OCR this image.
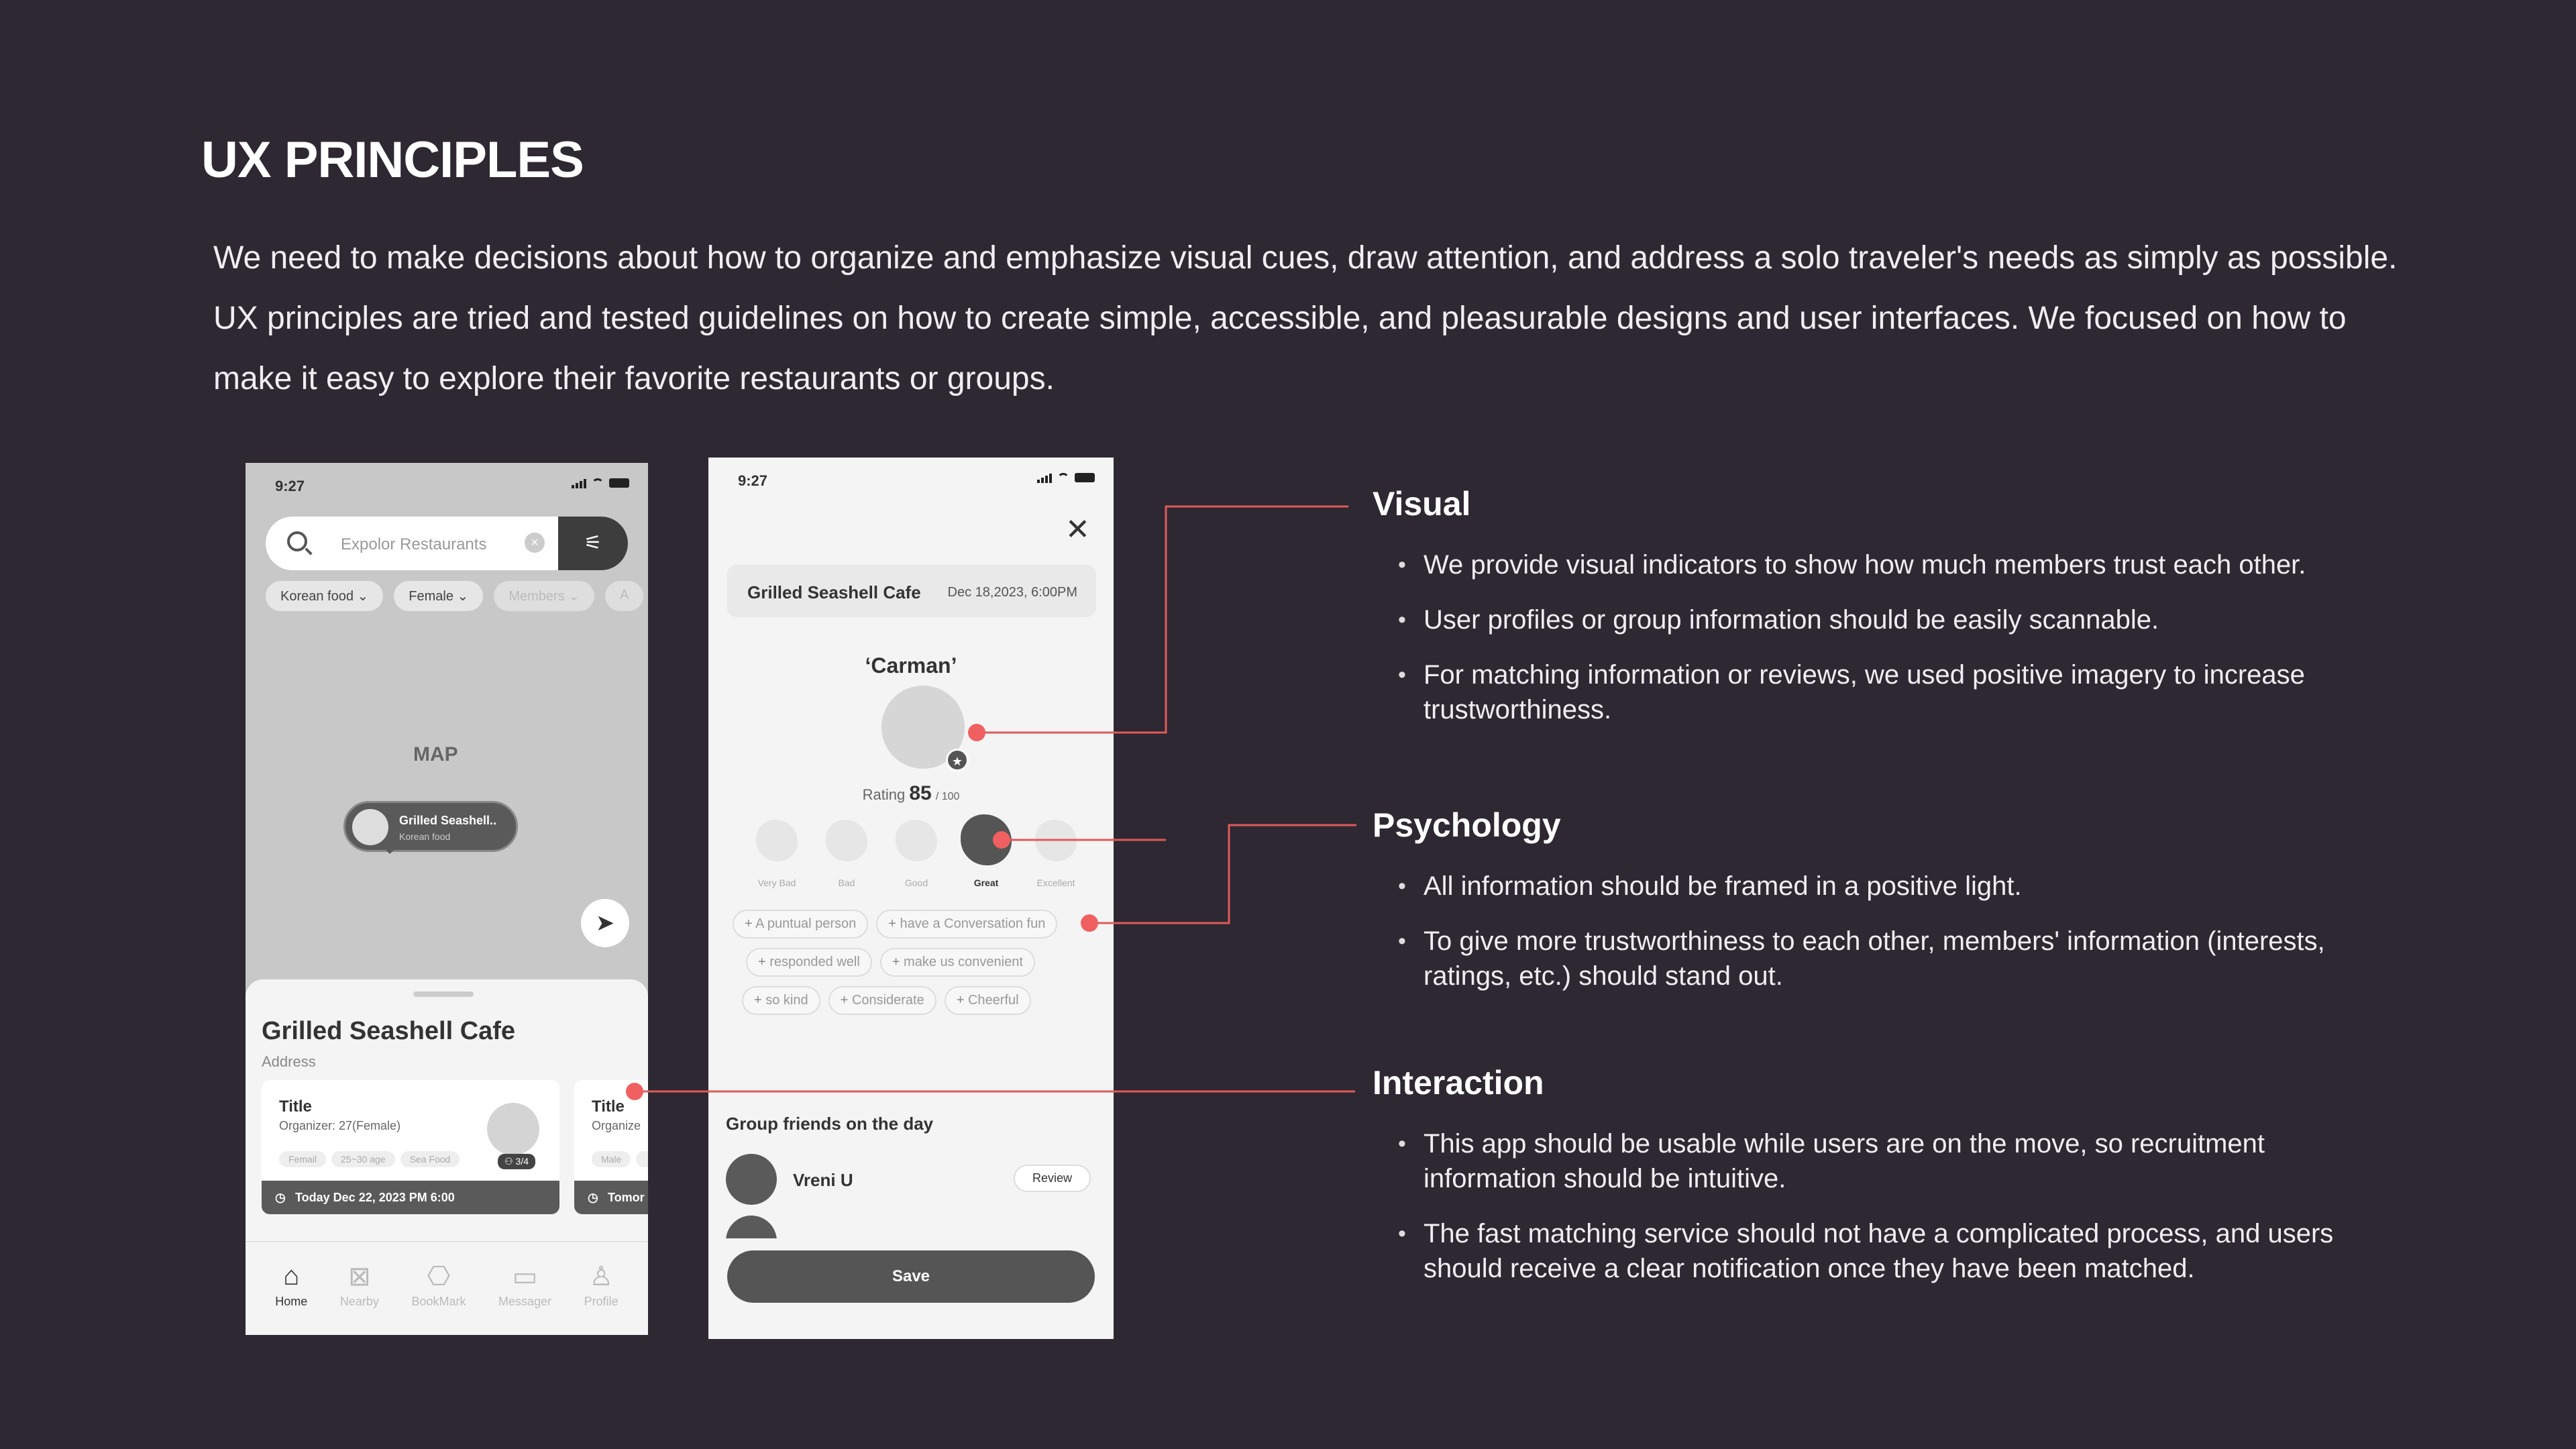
UX PRINCIPLES
We need to make decisions about how to organize and emphasize visual cues, draw attention, and address a solo traveler's needs as simply as possible. UX principles are tried and tested guidelines on how to create simple, accessible, and pleasurable designs and user interfaces. We focused on how to make it easy to explore their favorite restaurants or groups.
9:27
Expolor Restaurants	×	⚟
Korean food ⌄	Female ⌄	Members ⌄	A
MAP
Grilled Seashell..
Korean food
➤
Grilled Seashell Cafe
Address
Title
Organizer: 27(Female)
Femail	25~30 age	Sea Food	⚇ 3/4
◷ Today Dec 22, 2023 PM 6:00
Title
Organize
Male

◷ Tomor
⌂
Home
⊠
Nearby
⎔
BookMark
▭
Messager
♙
Profile
9:27
✕
Grilled Seashell Cafe Dec 18,2023, 6:00PM
‘Carman’
★
Rating 85 / 100
Very Bad	Bad	Good	Great	Excellent
+ A puntual person	+ have a Conversation fun
+ responded well	+ make us convenient
+ so kind	+ Considerate	+ Cheerful
Group friends on the day
Vreni U	Review
Save
Visual
• We provide visual indicators to show how much members trust each other.
• User profiles or group information should be easily scannable.
• For matching information or reviews, we used positive imagery to increase trustworthiness.
Psychology
• All information should be framed in a positive light.
• To give more trustworthiness to each other, members' information (interests, ratings, etc.) should stand out.
Interaction
• This app should be usable while users are on the move, so recruitment information should be intuitive.
• The fast matching service should not have a complicated process, and users should receive a clear notification once they have been matched.
